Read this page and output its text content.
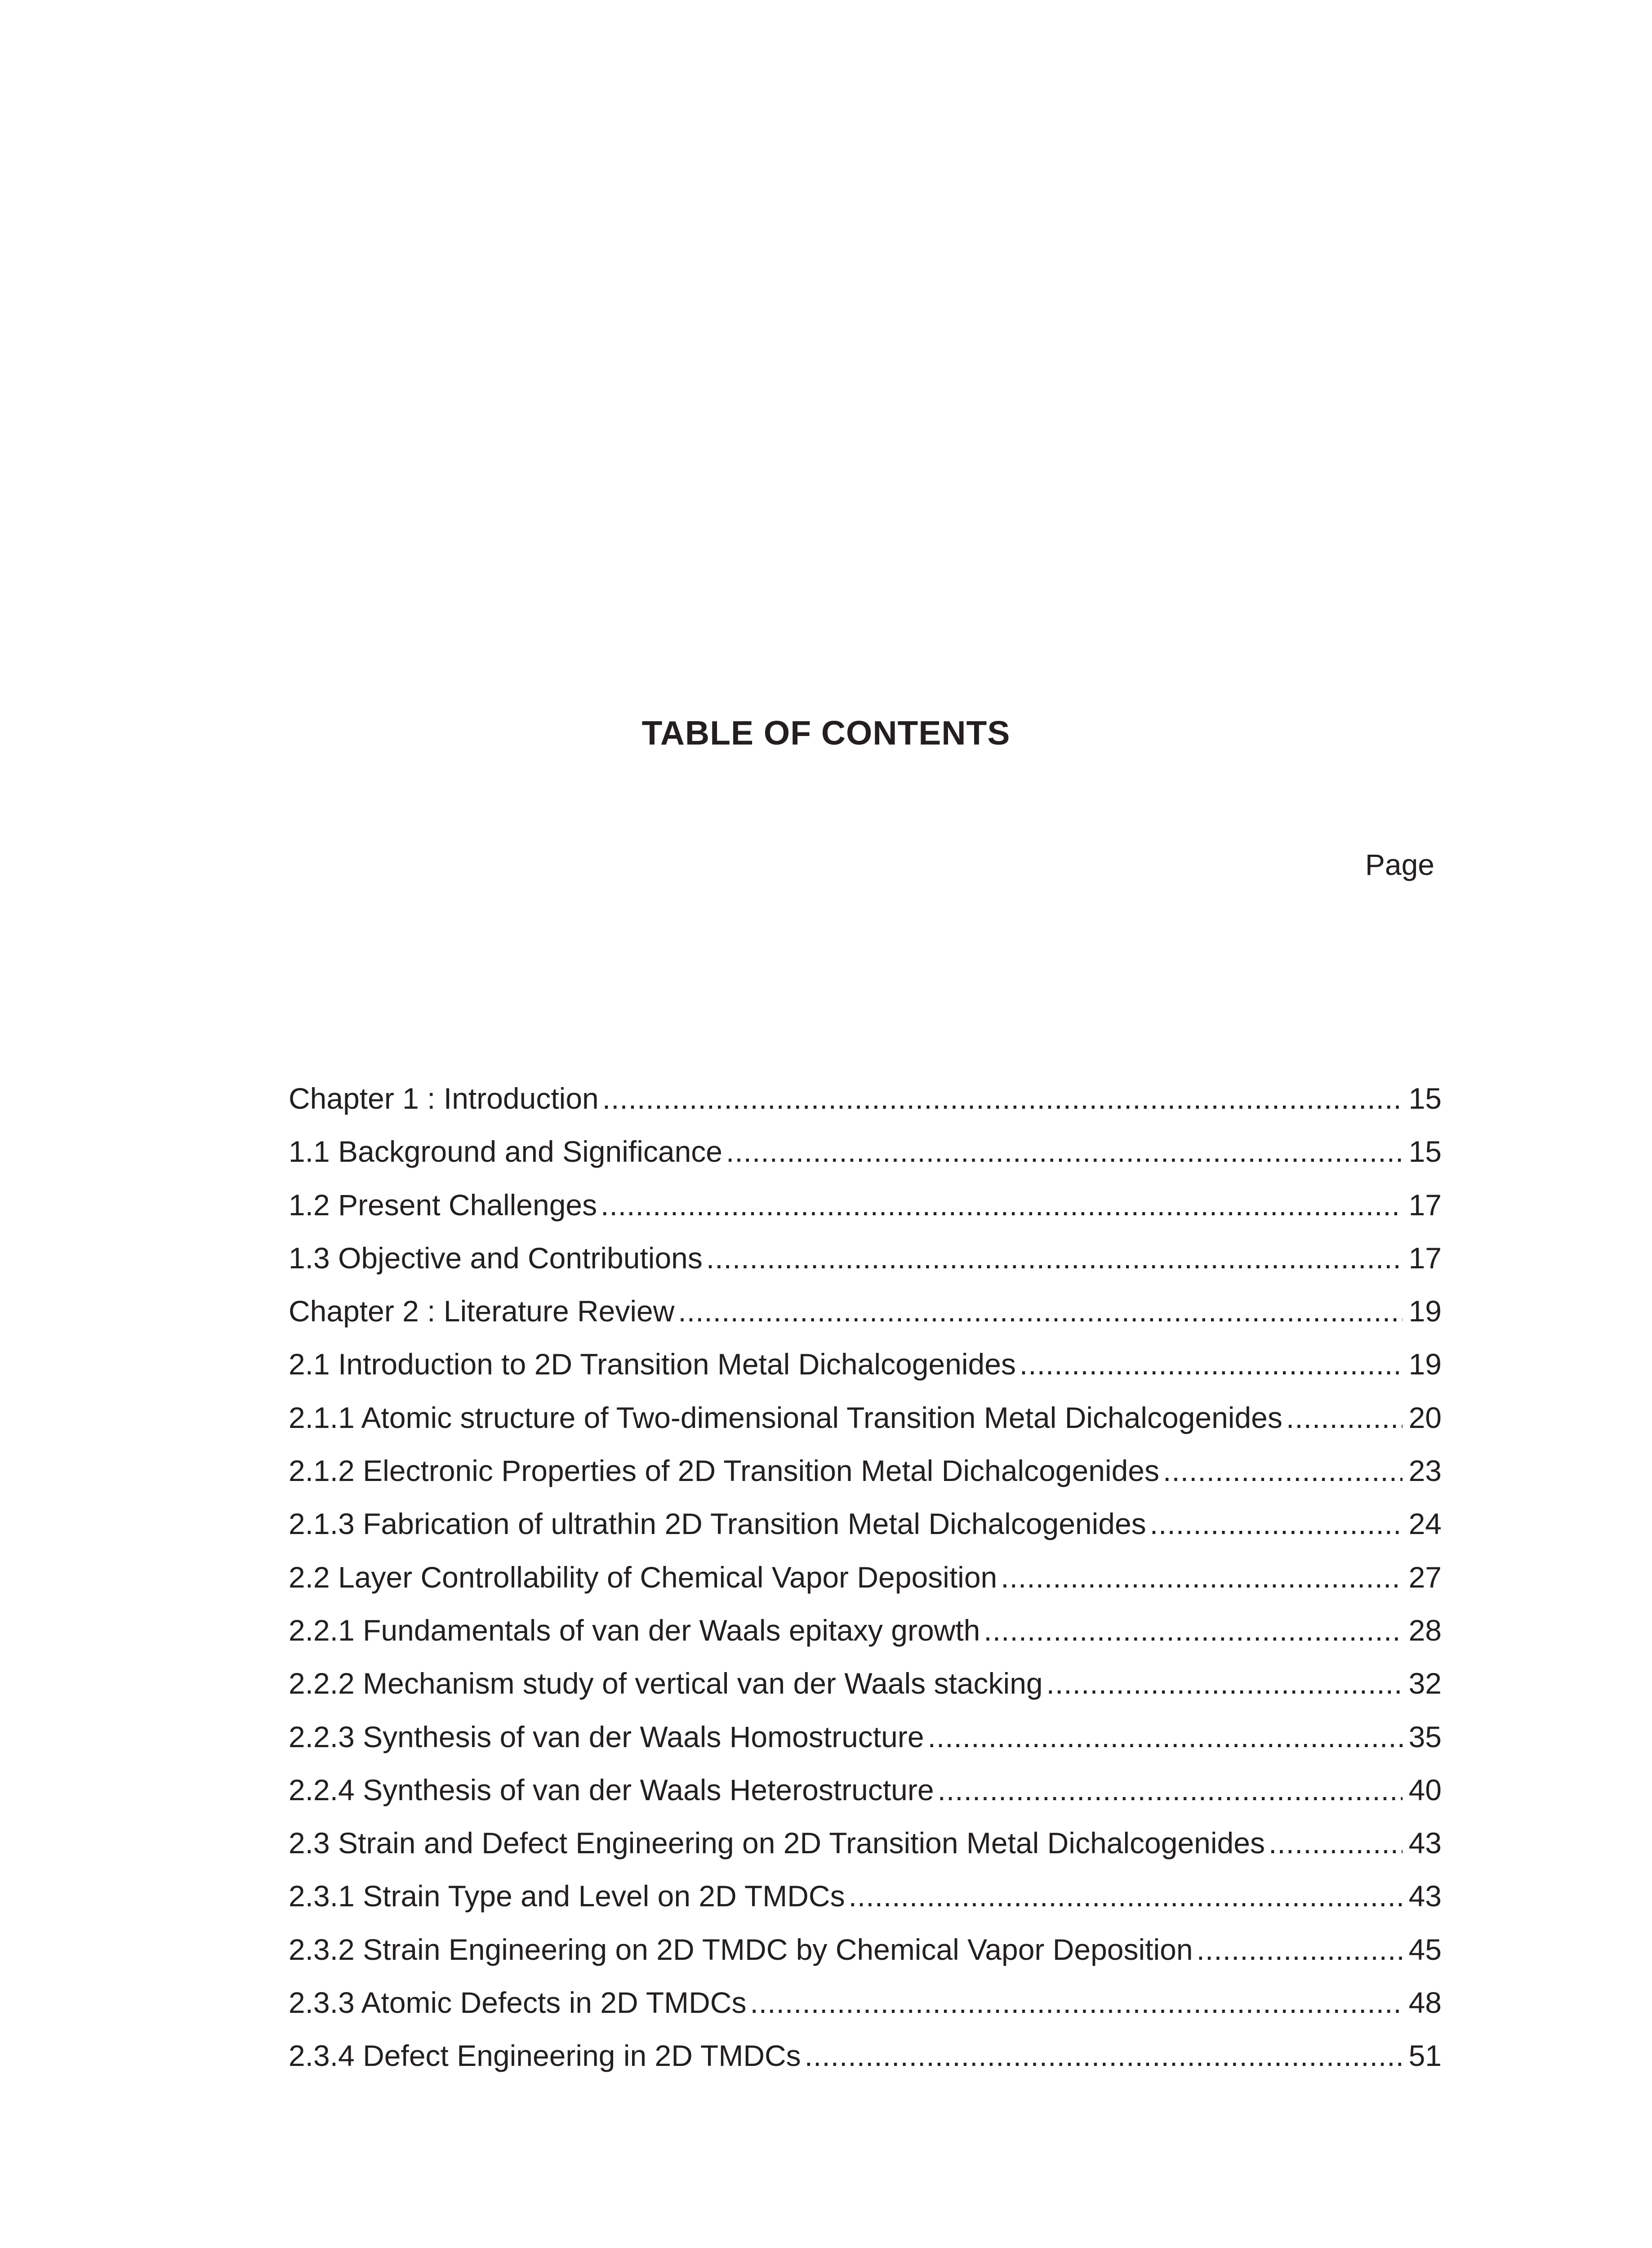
TABLE OF CONTENTS
Page
Chapter 1 : Introduction .....	15
1.1 Background and Significance .....	15
1.2 Present Challenges .....	17
1.3 Objective and Contributions .....	17
Chapter 2 : Literature Review .....	19
2.1 Introduction to 2D Transition Metal Dichalcogenides .....	19
2.1.1 Atomic structure of Two-dimensional Transition Metal Dichalcogenides .....	20
2.1.2 Electronic Properties of 2D Transition Metal Dichalcogenides .....	23
2.1.3 Fabrication of ultrathin 2D Transition Metal Dichalcogenides .....	24
2.2 Layer Controllability of Chemical Vapor Deposition .....	27
2.2.1 Fundamentals of van der Waals epitaxy growth .....	28
2.2.2 Mechanism study of vertical van der Waals stacking .....	32
2.2.3 Synthesis of van der Waals Homostructure .....	35
2.2.4 Synthesis of van der Waals Heterostructure .....	40
2.3 Strain and Defect Engineering on 2D Transition Metal Dichalcogenides .....	43
2.3.1 Strain Type and Level on 2D TMDCs .....	43
2.3.2 Strain Engineering on 2D TMDC by Chemical Vapor Deposition .....	45
2.3.3 Atomic Defects in 2D TMDCs .....	48
2.3.4 Defect Engineering in 2D TMDCs .....	51
